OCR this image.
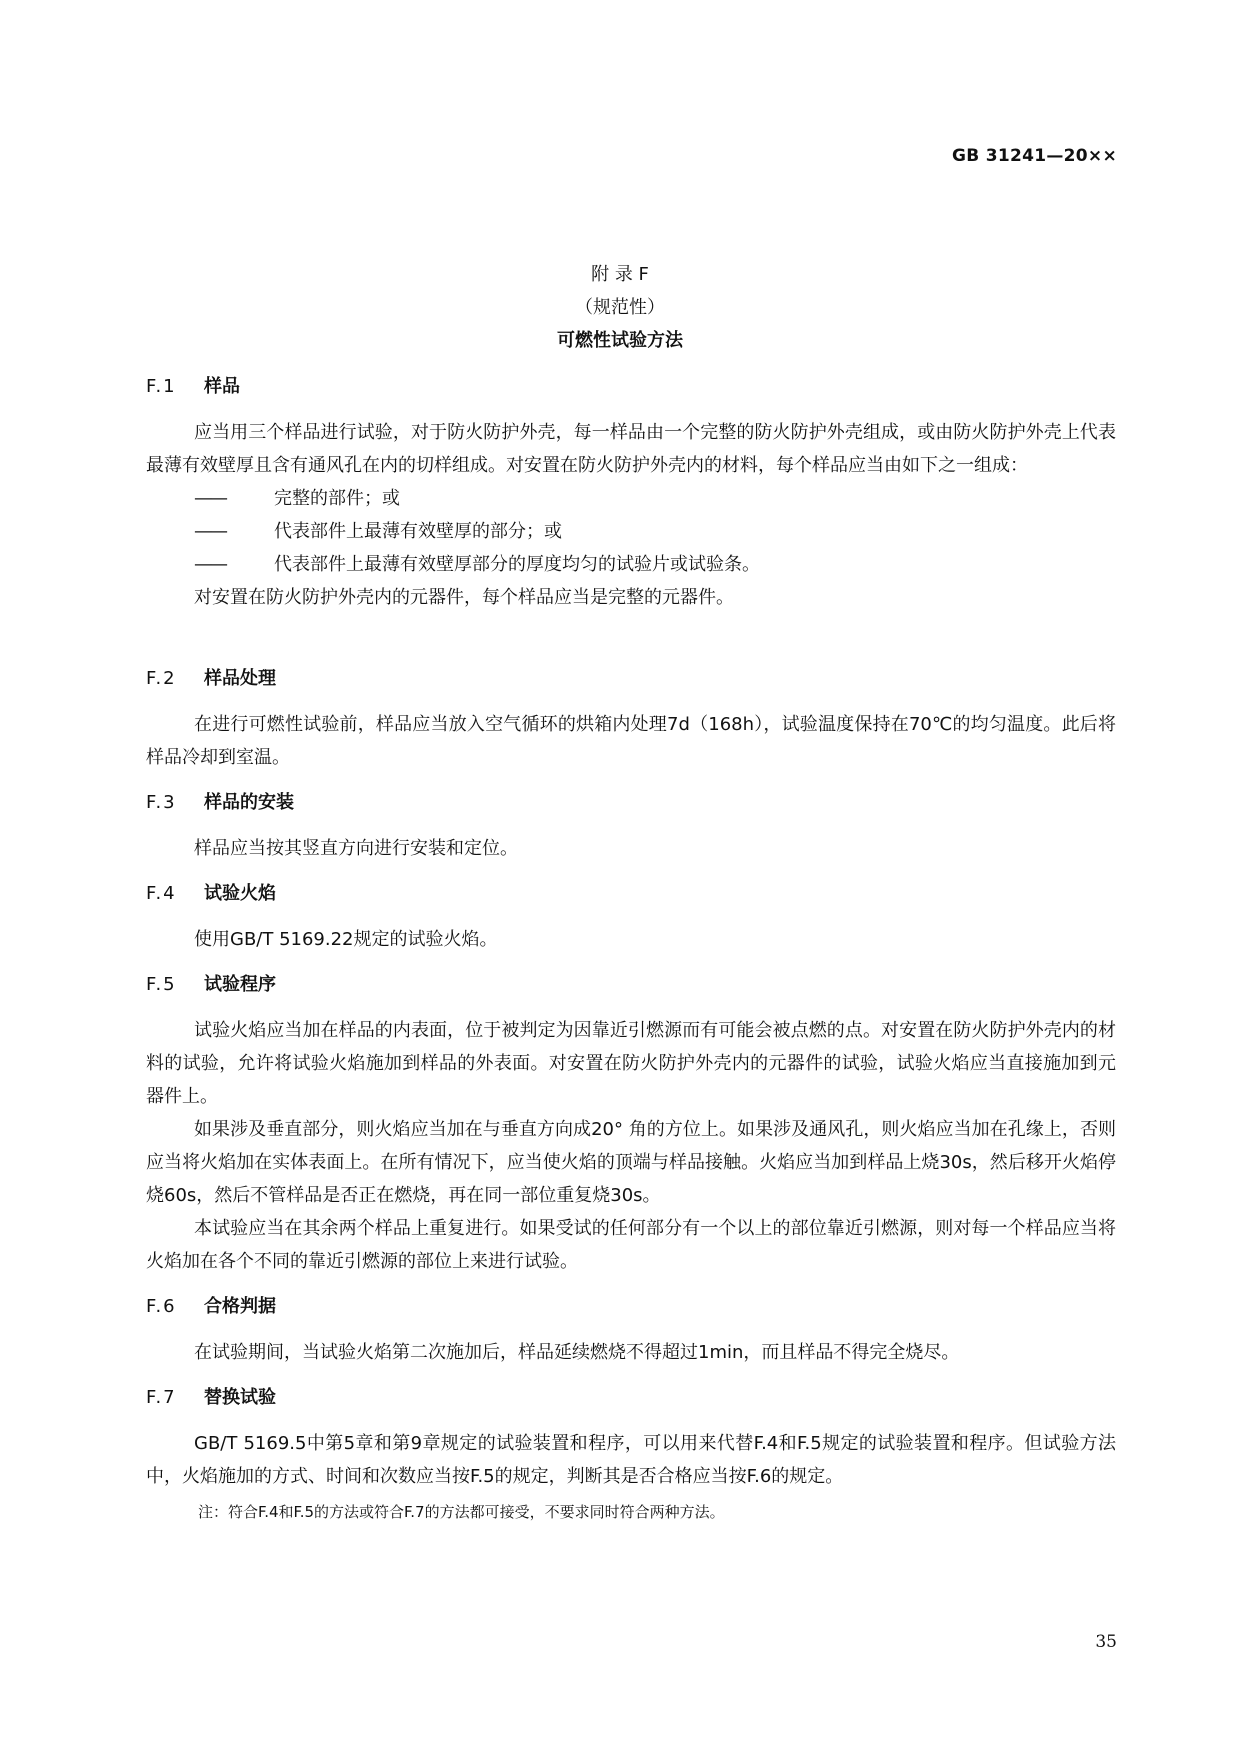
GB 31241—20××
附 录 F
（规范性）
可燃性试验方法
F.1	样品

应当用三个样品进行试验，对于防火防护外壳，每一样品由一个完整的防火防护外壳组成，或由防火防护外壳上代表最薄有效壁厚且含有通风孔在内的切样组成。对安置在防火防护外壳内的材料，每个样品应当由如下之一组成：

——	完整的部件；或
——	代表部件上最薄有效壁厚的部分；或
——	代表部件上最薄有效壁厚部分的厚度均匀的试验片或试验条。

对安置在防火防护外壳内的元器件，每个样品应当是完整的元器件。

F.2	样品处理

在进行可燃性试验前，样品应当放入空气循环的烘箱内处理7d（168h），试验温度保持在70℃的均匀温度。此后将样品冷却到室温。

F.3	样品的安装

样品应当按其竖直方向进行安装和定位。

F.4	试验火焰

使用GB/T 5169.22规定的试验火焰。

F.5	试验程序

试验火焰应当加在样品的内表面，位于被判定为因靠近引燃源而有可能会被点燃的点。对安置在防火防护外壳内的材料的试验，允许将试验火焰施加到样品的外表面。对安置在防火防护外壳内的元器件的试验，试验火焰应当直接施加到元器件上。

如果涉及垂直部分，则火焰应当加在与垂直方向成20° 角的方位上。如果涉及通风孔，则火焰应当加在孔缘上，否则应当将火焰加在实体表面上。在所有情况下，应当使火焰的顶端与样品接触。火焰应当加到样品上烧30s，然后移开火焰停烧60s，然后不管样品是否正在燃烧，再在同一部位重复烧30s。

本试验应当在其余两个样品上重复进行。如果受试的任何部分有一个以上的部位靠近引燃源，则对每一个样品应当将火焰加在各个不同的靠近引燃源的部位上来进行试验。

F.6	合格判据

在试验期间，当试验火焰第二次施加后，样品延续燃烧不得超过1min，而且样品不得完全烧尽。

F.7	替换试验

GB/T 5169.5中第5章和第9章规定的试验装置和程序，可以用来代替F.4和F.5规定的试验装置和程序。但试验方法中，火焰施加的方式、时间和次数应当按F.5的规定，判断其是否合格应当按F.6的规定。

注：符合F.4和F.5的方法或符合F.7的方法都可接受，不要求同时符合两种方法。
35
